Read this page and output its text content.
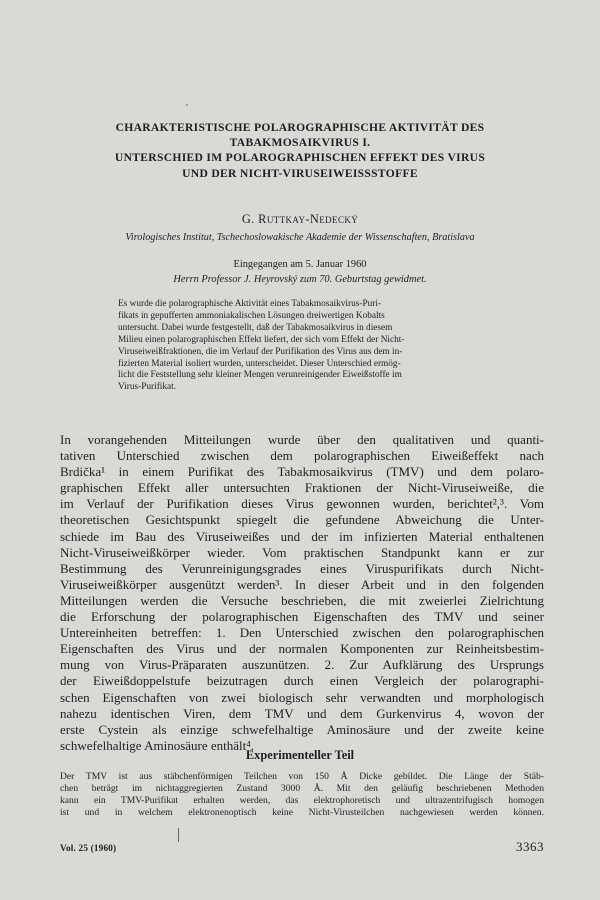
CHARAKTERISTISCHE POLAROGRAPHISCHE AKTIVITÄT DES
TABAKMOSAIKVIRUS I.
UNTERSCHIED IM POLAROGRAPHISCHEN EFFEKT DES VIRUS
UND DER NICHT-VIRUSEIWEISSSTOFFE
G. Ruttkay-Nedecký
Virologisches Institut, Tschechoslowakische Akademie der Wissenschaften, Bratislava
Eingegangen am 5. Januar 1960
Herrn Professor J. Heyrovský zum 70. Geburtstag gewidmet.
Es wurde die polarographische Aktivität eines Tabakmosaikvirus-Puri-
fikats in gepufferten ammoniakalischen Lösungen dreiwertigen Kobalts
untersucht. Dabei wurde festgestellt, daß der Tabakmosaikvirus in diesem
Milieu einen polarographischen Effekt liefert, der sich vom Effekt der Nicht-
Viruseiweißfraktionen, die im Verlauf der Purifikation des Virus aus dem in-
fizierten Material isoliert wurden, unterscheidet. Dieser Unterschied ermög-
licht die Feststellung sehr kleiner Mengen verunreinigender Eiweißstoffe im
Virus-Purifikat.
In vorangehenden Mitteilungen wurde über den qualitativen und quanti-
tativen Unterschied zwischen dem polarographischen Eiweißeffekt nach
Brdička¹ in einem Purifikat des Tabakmosaikvirus (TMV) und dem polaro-
graphischen Effekt aller untersuchten Fraktionen der Nicht-Viruseiweiße, die
im Verlauf der Purifikation dieses Virus gewonnen wurden, berichtet²,³. Vom
theoretischen Gesichtspunkt spiegelt die gefundene Abweichung die Unter-
schiede im Bau des Viruseiweißes und der im infizierten Material enthaltenen
Nicht-Viruseiweißkörper wieder. Vom praktischen Standpunkt kann er zur
Bestimmung des Verunreinigungsgrades eines Viruspurifikats durch Nicht-
Viruseiweißkörper ausgenützt werden³. In dieser Arbeit und in den folgenden
Mitteilungen werden die Versuche beschrieben, die mit zweierlei Zielrichtung
die Erforschung der polarographischen Eigenschaften des TMV und seiner
Untereinheiten betreffen: 1. Den Unterschied zwischen den polarographischen
Eigenschaften des Virus und der normalen Komponenten zur Reinheitsbestim-
mung von Virus-Präparaten auszunützen. 2. Zur Aufklärung des Ursprungs
der Eiweißdoppelstufe beizutragen durch einen Vergleich der polarographi-
schen Eigenschaften von zwei biologisch sehr verwandten und morphologisch
nahezu identischen Viren, dem TMV und dem Gurkenvirus 4, wovon der
erste Cystein als einzige schwefelhaltige Aminosäure und der zweite keine
schwefelhaltige Aminosäure enthält⁴.
Experimenteller Teil
Der TMV ist aus stäbchenförmigen Teilchen von 150 Å Dicke gebildet. Die Länge der Stäb-
chen beträgt im nichtaggregierten Zustand 3000 Å. Mit den geläufig beschriebenen Methoden
kann ein TMV-Purifikat erhalten werden, das elektrophoretisch und ultrazentrifugisch homogen
ist und in welchem elektronenoptisch keine Nicht-Virusteilchen nachgewiesen werden können.
Vol. 25 (1960)	3363
